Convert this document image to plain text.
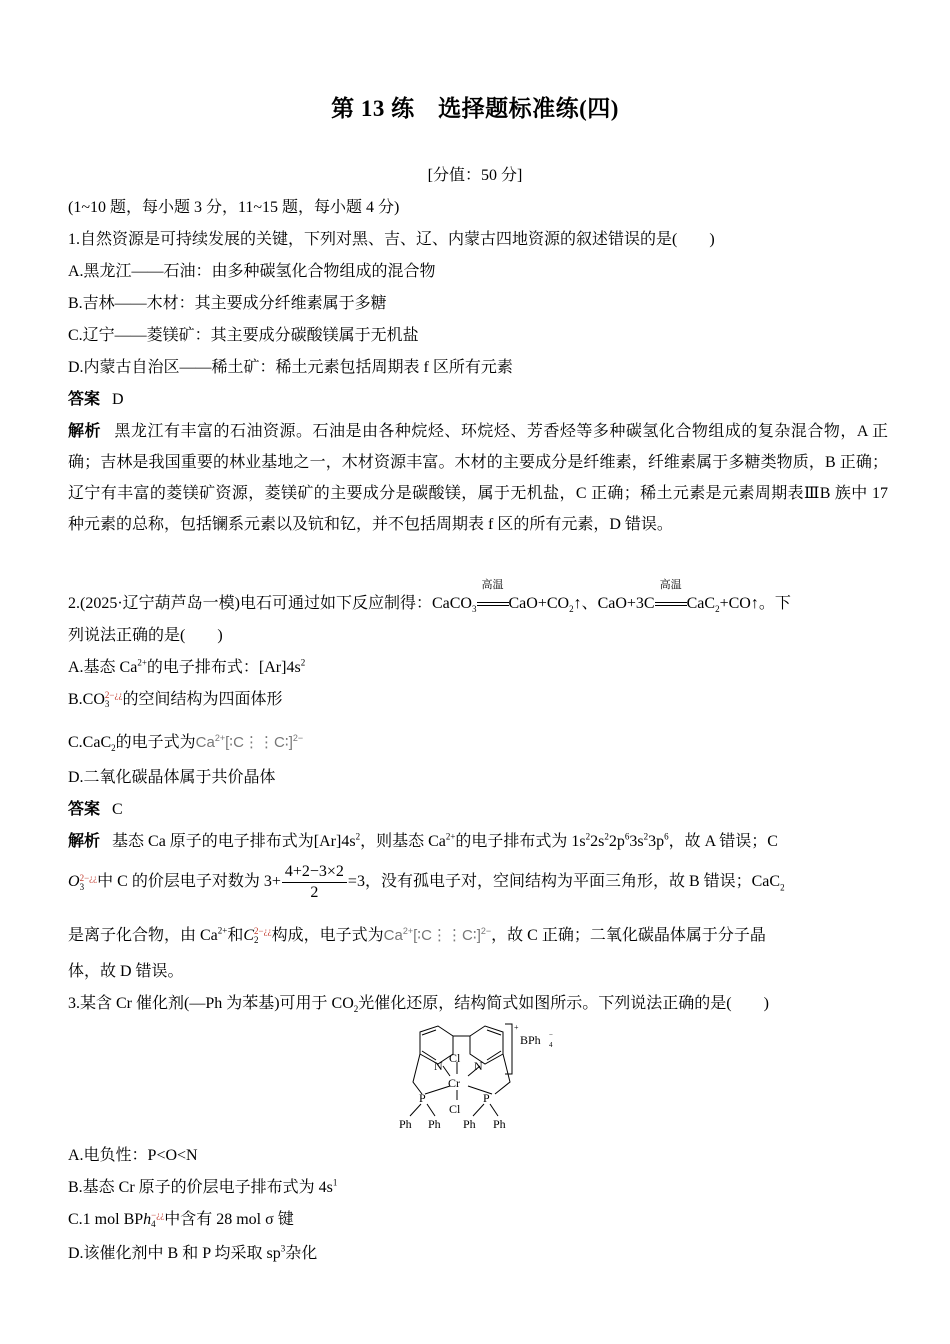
第 13 练　选择题标准练(四)
[分值：50 分]
(1~10 题，每小题 3 分，11~15 题，每小题 4 分)
1.自然资源是可持续发展的关键，下列对黑、吉、辽、内蒙古四地资源的叙述错误的是(　　)
A.黑龙江——石油：由多种碳氢化合物组成的混合物
B.吉林——木材：其主要成分纤维素属于多糖
C.辽宁——菱镁矿：其主要成分碳酸镁属于无机盐
D.内蒙古自治区——稀土矿：稀土元素包括周期表 f 区所有元素
答案 D
解析 黑龙江有丰富的石油资源。石油是由各种烷烃、环烷烃、芳香烃等多种碳氢化合物组成的复杂混合物，A 正确；吉林是我国重要的林业基地之一，木材资源丰富。木材的主要成分是纤维素，纤维素属于多糖类物质，B 正确；辽宁有丰富的菱镁矿资源，菱镁矿的主要成分是碳酸镁，属于无机盐，C 正确；稀土元素是元素周期表ⅢB 族中 17 种元素的总称，包括镧系元素以及钪和钇，并不包括周期表 f 区的所有元素，D 错误。
2.(2025·辽宁葫芦岛一模)电石可通过如下反应制得：CaCO$_3$
高温
$CaO+CO_2↑$、CaO+3C
高温
CaC$_2$+CO↑。下
列说法正确的是(　　)
A.基态 $Ca^{2+}$的电子排布式：$[Ar]4s^2$
B.CO2−¿¿
3 的空间结构为四面体形
C.CaC$_2$的电子式为$Ca^{2+}[∶C⋮⋮C∶]^{2-}$
D.二氧化碳晶体属于共价晶体
答案 C
解析 基态 Ca 原子的电子排布式为$[Ar]4s^2$，则基态 $Ca^{2+}$的电子排布式为 $1s^22s^22p^63s^23p^6$，故 A 错误；C
O2−¿¿
3 中 C 的价层电子对数为 $3+ \frac{4+2-3\times 2}{2} =3$，没有孤电子对，空间结构为平面三角形，故 B 错误；CaC$_2$
是离子化合物，由 $Ca^{2+}$和C2−¿¿
2 构成，电子式为$Ca^{2+}[∶C⋮⋮C∶]^{2-}$，故 C 正确；二氧化碳晶体属于分子晶
体，故 D 错误。
3.某含 Cr 催化剂(—Ph 为苯基)可用于 $CO_2$光催化还原，结构简式如图所示。下列说法正确的是(　　)
N	N
Cl
Cr
Cl
P	P
Ph Ph Ph Ph
BPh
+
4
−
A.电负性：P<O<N
B.基态 Cr 原子的价层电子排布式为 $4s^1$
C.1 mol BPh−¿¿
4 中含有 28 mol σ 键
D.该催化剂中 B 和 P 均采取 $sp^3$杂化
